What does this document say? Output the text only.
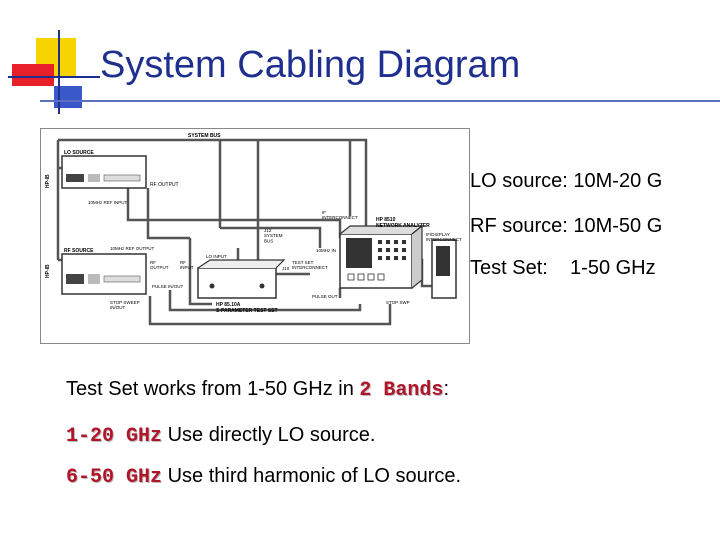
System Cabling Diagram
SYSTEM BUS
HP-IB
HP-IB
LO SOURCE
RF OUTPUT
10MHz REF INPUT
10MHz REF OUTPUT
RF SOURCE
IF INTERCONNECT	HP 8510 NETWORK ANALYZER
IF/DISPLAY INTERCONNECT
J12 SYSTEM BUS
10MHz IN
LO INPUT
TEST SET INTERCONNECT
J10
RF OUTPUT
RF INPUT
PULSE IN/OUT
PULSE OUT
STOP SWEEP IN/OUT
STOP SWP
HP 85.10A S-PARAMETER TEST SET
LO source: 10M-20 G
RF source: 10M-50 G
Test Set:    1-50 GHz
Test Set works from 1-50 GHz in 2 Bands:
1-20 GHz Use directly LO source.
6-50 GHz Use third harmonic of LO source.
